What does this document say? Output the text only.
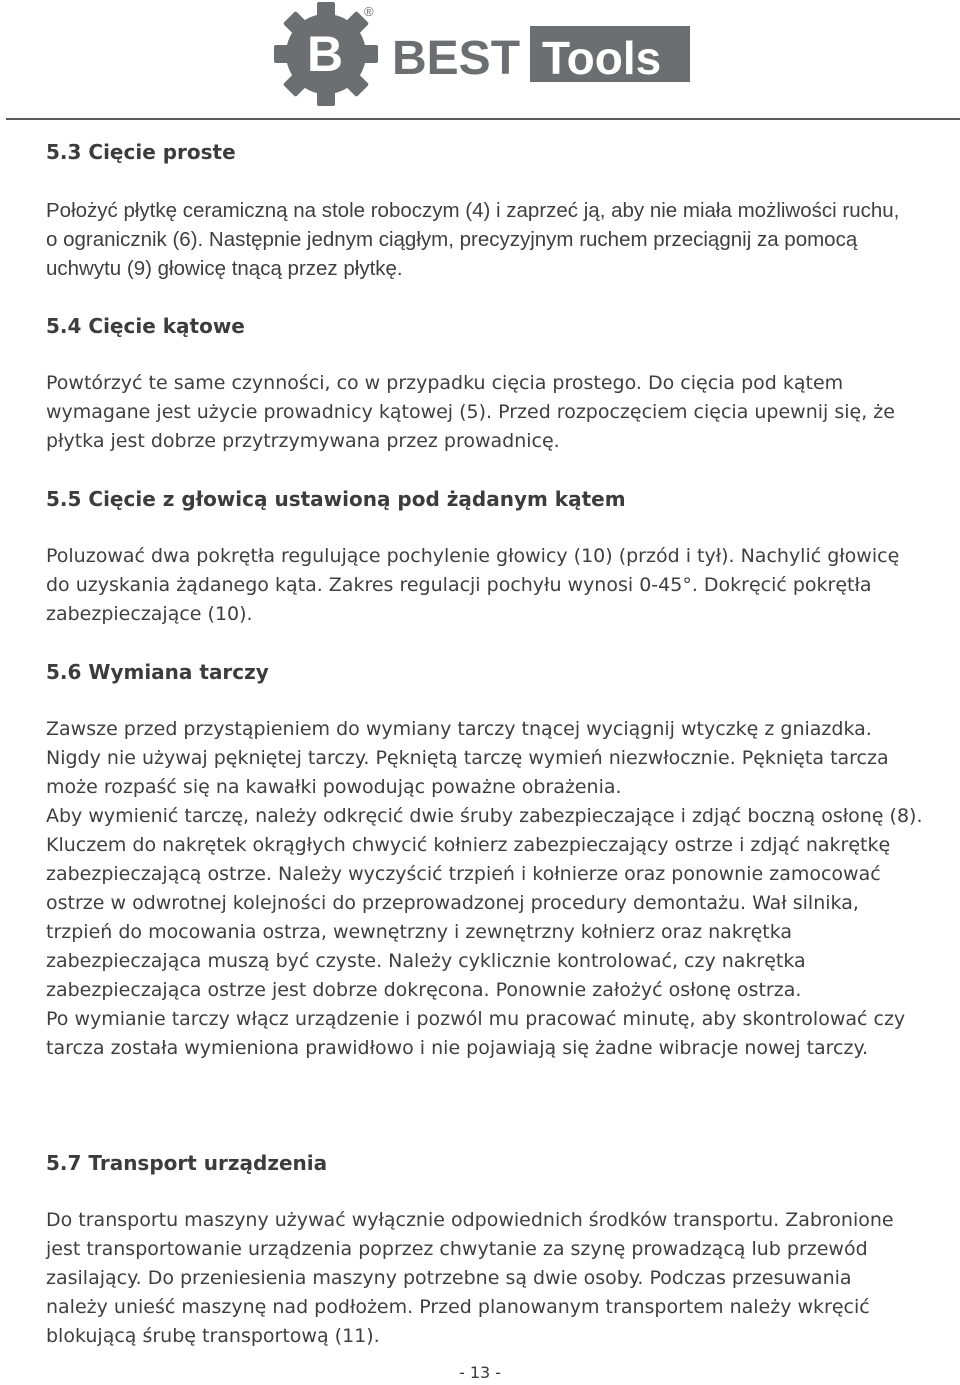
B BEST Tools
®
5.3 Cięcie proste

Położyć płytkę ceramiczną na stole roboczym (4) i zaprzeć ją, aby nie miała możliwości ruchu, o ogranicznik (6). Następnie jednym ciągłym, precyzyjnym ruchem przeciągnij za pomocą uchwytu (9) głowicę tnącą przez płytkę.

5.4 Cięcie kątowe

Powtórzyć te same czynności, co w przypadku cięcia prostego. Do cięcia pod kątem wymagane jest użycie prowadnicy kątowej (5). Przed rozpoczęciem cięcia upewnij się, że płytka jest dobrze przytrzymywana przez prowadnicę.

5.5 Cięcie z głowicą ustawioną pod żądanym kątem

Poluzować dwa pokrętła regulujące pochylenie głowicy (10) (przód i tył). Nachylić głowicę do uzyskania żądanego kąta. Zakres regulacji pochyłu wynosi 0-45°. Dokręcić pokrętła zabezpieczające (10).

5.6 Wymiana tarczy

Zawsze przed przystąpieniem do wymiany tarczy tnącej wyciągnij wtyczkę z gniazdka. Nigdy nie używaj pękniętej tarczy. Pękniętą tarczę wymień niezwłocznie. Pęknięta tarcza może rozpaść się na kawałki powodując poważne obrażenia.
Aby wymienić tarczę, należy odkręcić dwie śruby zabezpieczające i zdjąć boczną osłonę (8). Kluczem do nakrętek okrągłych chwycić kołnierz zabezpieczający ostrze i zdjąć nakrętkę zabezpieczającą ostrze. Należy wyczyścić trzpień i kołnierze oraz ponownie zamocować ostrze w odwrotnej kolejności do przeprowadzonej procedury demontażu. Wał silnika, trzpień do mocowania ostrza, wewnętrzny i zewnętrzny kołnierz oraz nakrętka zabezpieczająca muszą być czyste. Należy cyklicznie kontrolować, czy nakrętka zabezpieczająca ostrze jest dobrze dokręcona. Ponownie założyć osłonę ostrza.
Po wymianie tarczy włącz urządzenie i pozwól mu pracować minutę, aby skontrolować czy tarcza została wymieniona prawidłowo i nie pojawiają się żadne wibracje nowej tarczy.

5.7 Transport urządzenia

Do transportu maszyny używać wyłącznie odpowiednich środków transportu. Zabronione jest transportowanie urządzenia poprzez chwytanie za szynę prowadzącą lub przewód zasilający. Do przeniesienia maszyny potrzebne są dwie osoby. Podczas przesuwania należy unieść maszynę nad podłożem. Przed planowanym transportem należy wkręcić blokującą śrubę transportową (11).

- 13 -
